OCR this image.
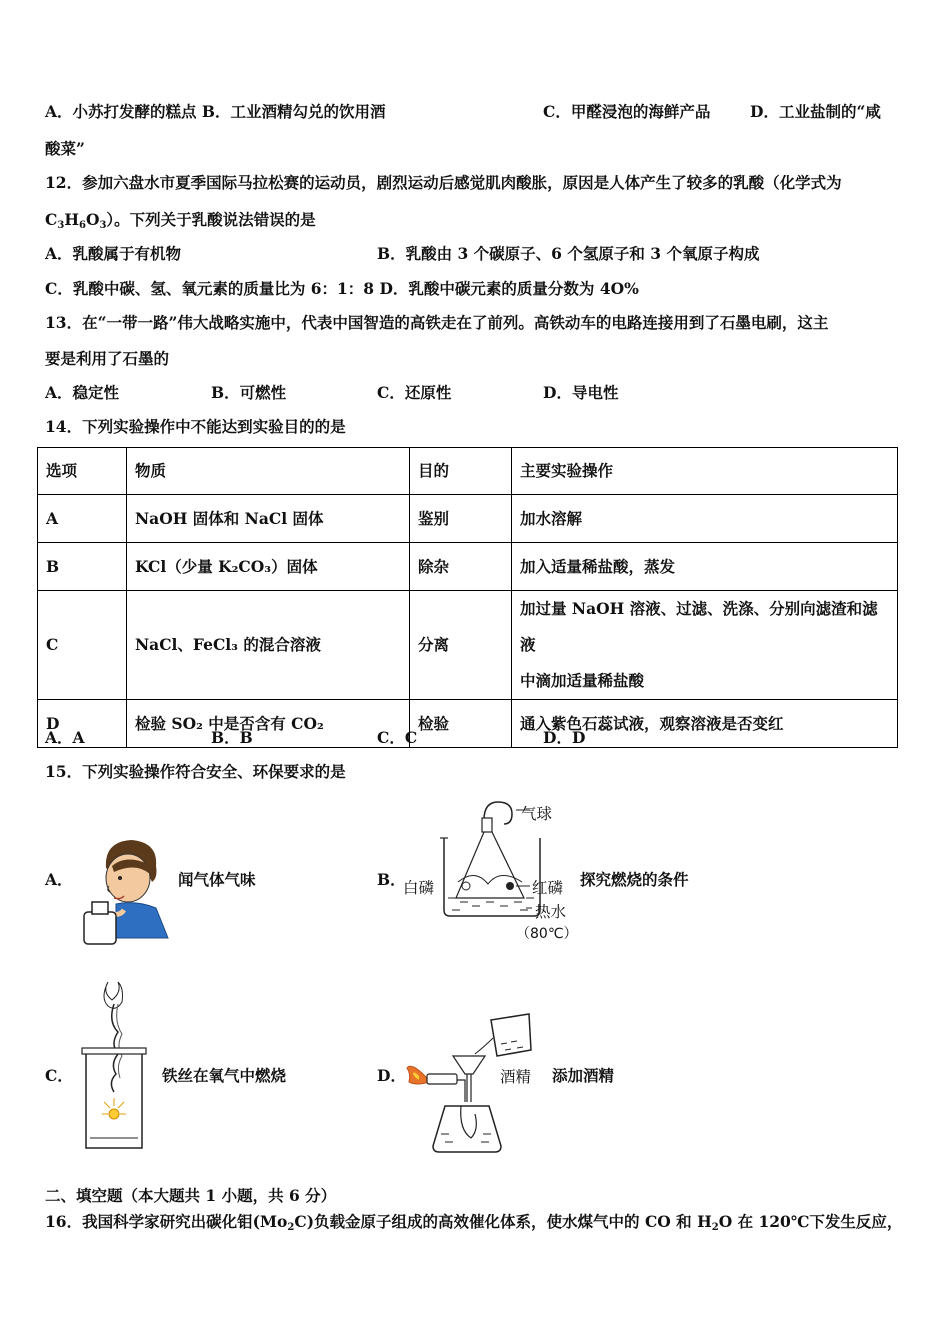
A．小苏打发酵的糕点 B．工业酒精勾兑的饮用酒	C．甲醛浸泡的海鲜产品	D．工业盐制的“咸
酸菜”
12．参加六盘水市夏季国际马拉松赛的运动员，剧烈运动后感觉肌肉酸胀，原因是人体产生了较多的乳酸（化学式为
$C_3H_6O_3$）。下列关于乳酸说法错误的是
A．乳酸属于有机物	B．乳酸由 3 个碳原子、6 个氢原子和 3 个氧原子构成
C．乳酸中碳、氢、氧元素的质量比为 6：1：8 D．乳酸中碳元素的质量分数为 4O%
13．在“一带一路”伟大战略实施中，代表中国智造的高铁走在了前列。高铁动车的电路连接用到了石墨电刷，这主
要是利用了石墨的
A．稳定性	B．可燃性	C．还原性	D．导电性
14．下列实验操作中不能达到实验目的的是
选项	物质	目的	主要实验操作
A	NaOH 固体和 NaCl 固体	鉴别	加水溶解
B	KCl（少量 K₂CO₃）固体	除杂	加入适量稀盐酸，蒸发
C	NaCl、FeCl₃ 的混合溶液	分离	加过量 NaOH 溶液、过滤、洗涤、分别向滤渣和滤液
中滴加适量稀盐酸

D	检验 SO₂ 中是否含有 CO₂	检验	通入紫色石蕊试液，观察溶液是否变红
A．A	B．B	C．C	D．D
15．下列实验操作符合安全、环保要求的是
A．	闻气体气味	B．
气球
白磷	红磷
热水
（80℃）
探究燃烧的条件
C．	铁丝在氧气中燃烧	D．	酒精 添加酒精
二、填空题（本大题共 1 小题，共 6 分）
16．我国科学家研究出碳化钼$(Mo_2C)$负载金原子组成的高效催化体系，使水煤气中的 CO 和 $H_2O$ 在 120℃下发生反应，
